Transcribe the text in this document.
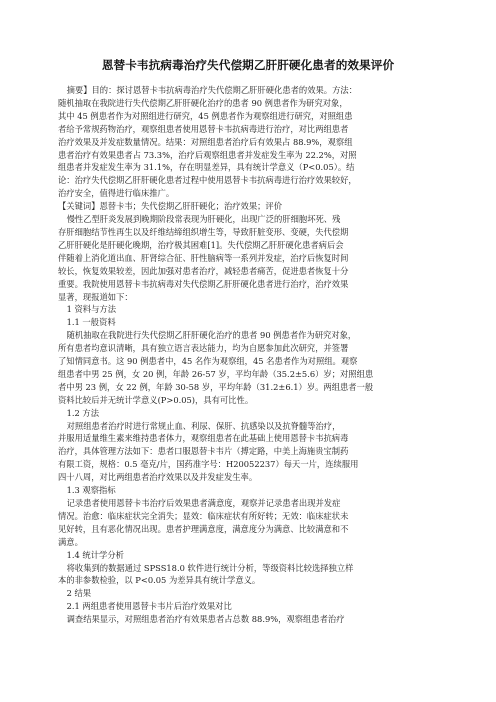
恩替卡韦抗病毒治疗失代偿期乙肝肝硬化患者的效果评价

摘要】目的：探讨恩替卡韦抗病毒治疗失代偿期乙肝肝硬化患者的效果。方法：

随机抽取在我院进行失代偿期乙肝肝硬化治疗的患者 90 例患者作为研究对象，

其中 45 例患者作为对照组进行研究，45 例患者作为观察组进行研究，对照组患

者给予常规药物治疗，观察组患者使用恩替卡韦抗病毒进行治疗，对比两组患者

治疗效果及并发症数量情况。结果：对照组患者治疗后有效果占 88.9%，观察组

患者治疗有效果患者占 73.3%，治疗后观察组患者并发症发生率为 22.2%，对照

组患者并发症发生率为 31.1%，存在明显差异，具有统计学意义（P<0.05）。结

论：治疗失代偿期乙肝肝硬化患者过程中使用恩替卡韦抗病毒进行治疗效果较好，

治疗安全，值得进行临床推广。

【关键词】恩替卡韦；失代偿期乙肝肝硬化；治疗效果；评价

慢性乙型肝炎发展到晚期阶段常表现为肝硬化，出现广泛的肝细胞坏死、残

存肝细胞结节性再生以及纤维结缔组织增生等，导致肝脏变形、变硬，失代偿期

乙肝肝硬化是肝硬化晚期，治疗极其困难[1]。失代偿期乙肝肝硬化患者病后会

伴随着上消化道出血、肝肾综合征、肝性脑病等一系列并发症，治疗后恢复时间

较长，恢复效果较差，因此加强对患者治疗，减轻患者痛苦，促进患者恢复十分

重要。我院使用恩替卡韦抗病毒对失代偿期乙肝肝硬化患者进行治疗，治疗效果

显著，现报道如下：

1 资料与方法

1.1 一般资料

随机抽取在我院进行失代偿期乙肝肝硬化治疗的患者 90 例患者作为研究对象，

所有患者均意识清晰，具有独立语言表达能力，均为自愿参加此次研究，并签署

了知情同意书。这 90 例患者中，45 名作为观察组，45 名患者作为对照组。观察

组患者中男 25 例，女 20 例，年龄 26-57 岁，平均年龄（35.2±5.6）岁；对照组患

者中男 23 例，女 22 例，年龄 30-58 岁，平均年龄（31.2±6.1）岁。两组患者一般

资料比较后并无统计学意义(P>0.05)，具有可比性。

1.2 方法

对照组患者治疗时进行常规止血、利尿、保肝、抗感染以及抗脊髓等治疗，

并服用适量维生素来维持患者体力，观察组患者在此基础上使用恩替卡韦抗病毒

治疗，具体管理方法如下：患者口服恩替卡韦片（搏定路，中美上海施贵宝制药

有限工资，规格：0.5 毫克/片，国药准字号：H20052237）每天一片，连续服用

四十八周，对比两组患者治疗效果以及并发症发生率。

1.3 观察指标

记录患者使用恩替卡韦治疗后效果患者满意度，观察并记录患者出现并发症

情况。治愈：临床症状完全消失；显效：临床症状有所好转；无效：临床症状未

见好转，且有恶化情况出现。患者护理满意度，满意度分为满意、比较满意和不

满意。

1.4 统计学分析

将收集到的数据通过 SPSS18.0 软件进行统计分析，等级资料比较选择独立样

本的非参数检验，以 P<0.05 为差异具有统计学意义。

2 结果

2.1 两组患者使用恩替卡韦片后治疗效果对比

调查结果显示，对照组患者治疗有效果患者占总数 88.9%，观察组患者治疗
